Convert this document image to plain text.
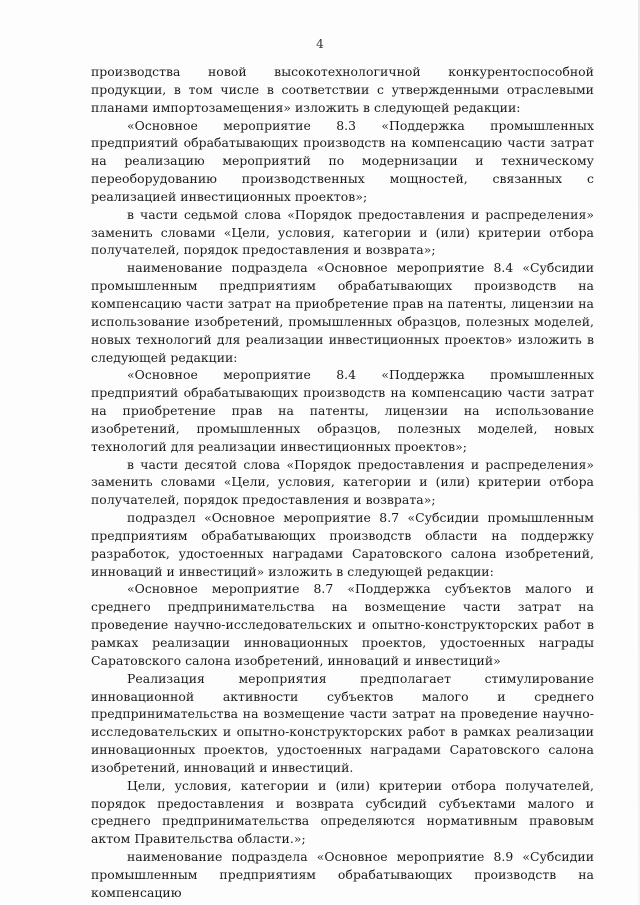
4

производства новой высокотехнологичной конкурентоспособной продукции, в том числе в соответствии с утвержденными отраслевыми планами импортозамещения» изложить в следующей редакции:

«Основное мероприятие 8.3 «Поддержка промышленных предприятий обрабатывающих производств на компенсацию части затрат на реализацию мероприятий по модернизации и техническому переоборудованию производственных мощностей, связанных с реализацией инвестиционных проектов»;

в части седьмой слова «Порядок предоставления и распределения» заменить словами «Цели, условия, категории и (или) критерии отбора получателей, порядок предоставления и возврата»;

наименование подраздела «Основное мероприятие 8.4 «Субсидии промышленным предприятиям обрабатывающих производств на компенсацию части затрат на приобретение прав на патенты, лицензии на использование изобретений, промышленных образцов, полезных моделей, новых технологий для реализации инвестиционных проектов» изложить в следующей редакции:

«Основное мероприятие 8.4 «Поддержка промышленных предприятий обрабатывающих производств на компенсацию части затрат на приобретение прав на патенты, лицензии на использование изобретений, промышленных образцов, полезных моделей, новых технологий для реализации инвестиционных проектов»;

в части десятой слова «Порядок предоставления и распределения» заменить словами «Цели, условия, категории и (или) критерии отбора получателей, порядок предоставления и возврата»;

подраздел «Основное мероприятие 8.7 «Субсидии промышленным предприятиям обрабатывающих производств области на поддержку разработок, удостоенных наградами Саратовского салона изобретений, инноваций и инвестиций» изложить в следующей редакции:

«Основное мероприятие 8.7 «Поддержка субъектов малого и среднего предпринимательства на возмещение части затрат на проведение научно-исследовательских и опытно-конструкторских работ в рамках реализации инновационных проектов, удостоенных награды Саратовского салона изобретений, инноваций и инвестиций»

Реализация мероприятия предполагает стимулирование инновационной активности субъектов малого и среднего предпринимательства на возмещение части затрат на проведение научно-исследовательских и опытно-конструкторских работ в рамках реализации инновационных проектов, удостоенных наградами Саратовского салона изобретений, инноваций и инвестиций.

Цели, условия, категории и (или) критерии отбора получателей, порядок предоставления и возврата субсидий субъектами малого и среднего предпринимательства определяются нормативным правовым актом Правительства области.»;

наименование подраздела «Основное мероприятие 8.9 «Субсидии промышленным предприятиям обрабатывающих производств на компенсацию
